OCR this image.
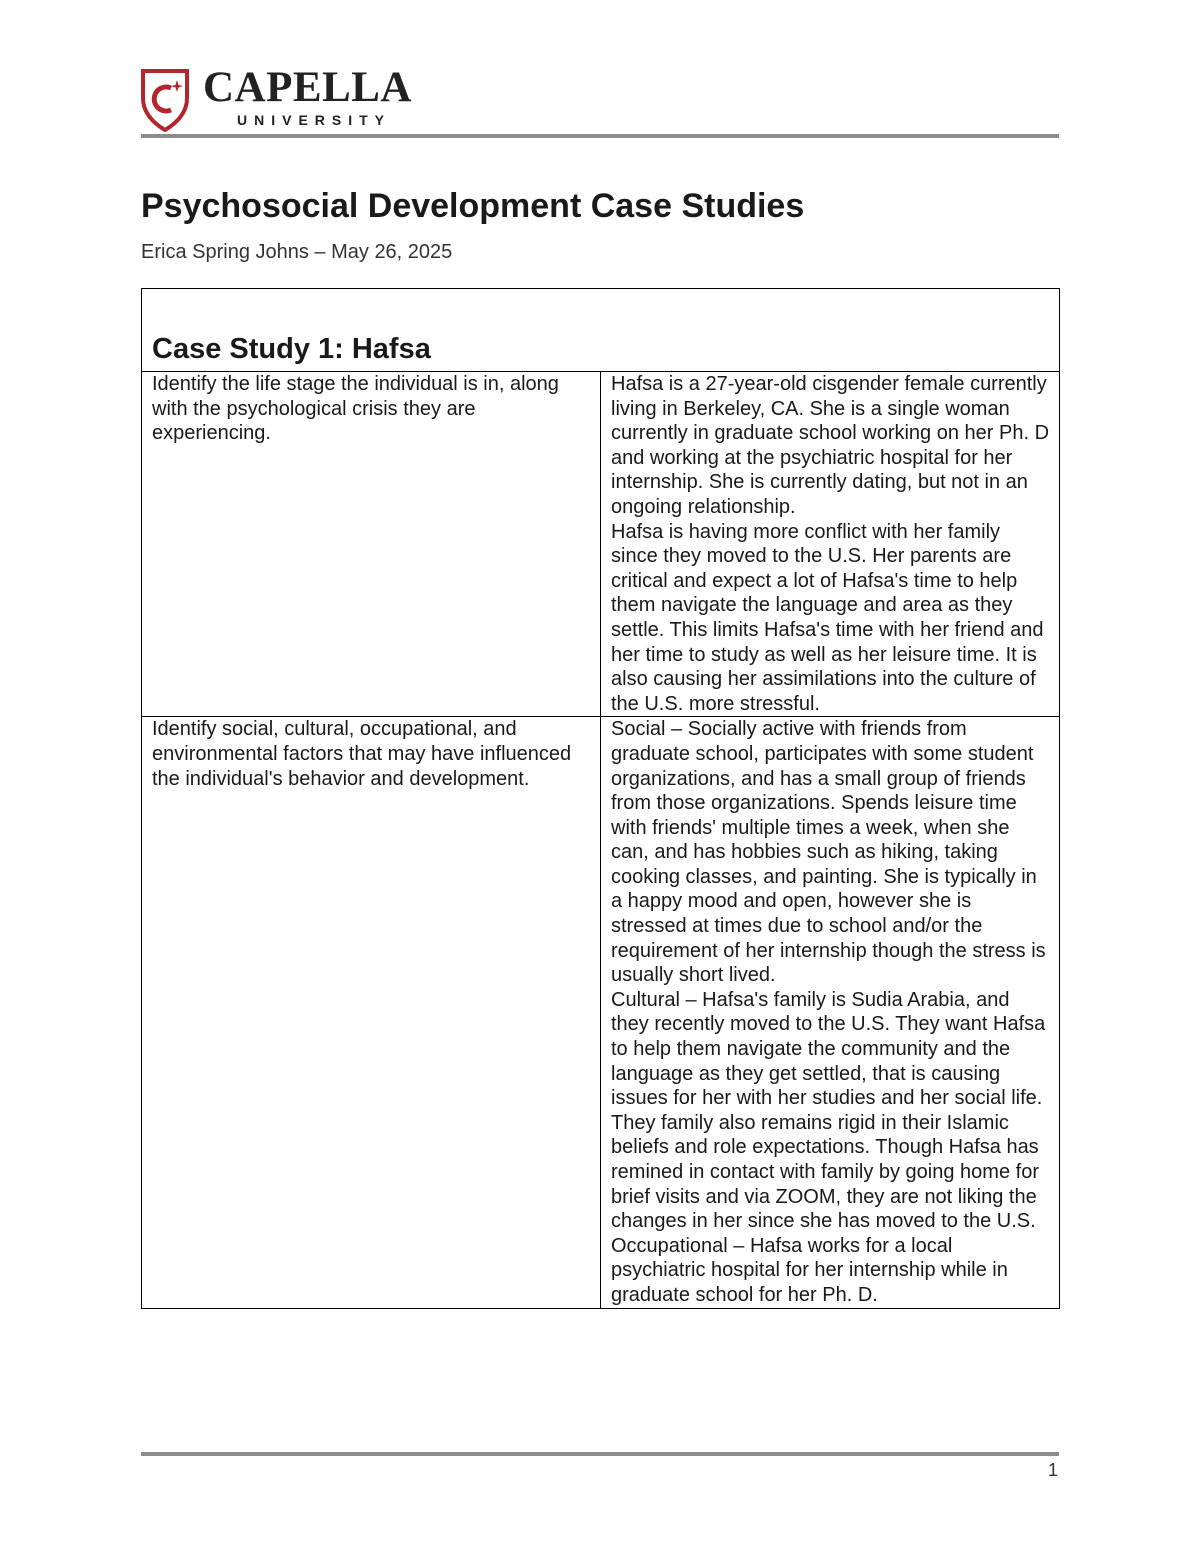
CAPELLA
UNIVERSITY
Psychosocial Development Case Studies
Erica Spring Johns – May 26, 2025
Case Study 1: Hafsa	
Identify the life stage the individual is in, along with the psychological crisis they are experiencing.	Hafsa is a 27-year-old cisgender female currently living in Berkeley, CA. She is a single woman currently in graduate school working on her Ph. D and working at the psychiatric hospital for her internship. She is currently dating, but not in an ongoing relationship.
Hafsa is having more conflict with her family since they moved to the U.S. Her parents are critical and expect a lot of Hafsa's time to help them navigate the language and area as they settle. This limits Hafsa's time with her friend and her time to study as well as her leisure time. It is also causing her assimilations into the culture of the U.S. more stressful.

Identify social, cultural, occupational, and environmental factors that may have influenced the individual's behavior and development.	Social – Socially active with friends from graduate school, participates with some student organizations, and has a small group of friends from those organizations. Spends leisure time with friends' multiple times a week, when she can, and has hobbies such as hiking, taking cooking classes, and painting. She is typically in a happy mood and open, however she is stressed at times due to school and/or the requirement of her internship though the stress is usually short lived.
Cultural – Hafsa's family is Sudia Arabia, and they recently moved to the U.S. They want Hafsa to help them navigate the community and the language as they get settled, that is causing issues for her with her studies and her social life. They family also remains rigid in their Islamic beliefs and role expectations. Though Hafsa has remined in contact with family by going home for brief visits and via ZOOM, they are not liking the changes in her since she has moved to the U.S.
Occupational – Hafsa works for a local psychiatric hospital for her internship while in graduate school for her Ph. D.
1
